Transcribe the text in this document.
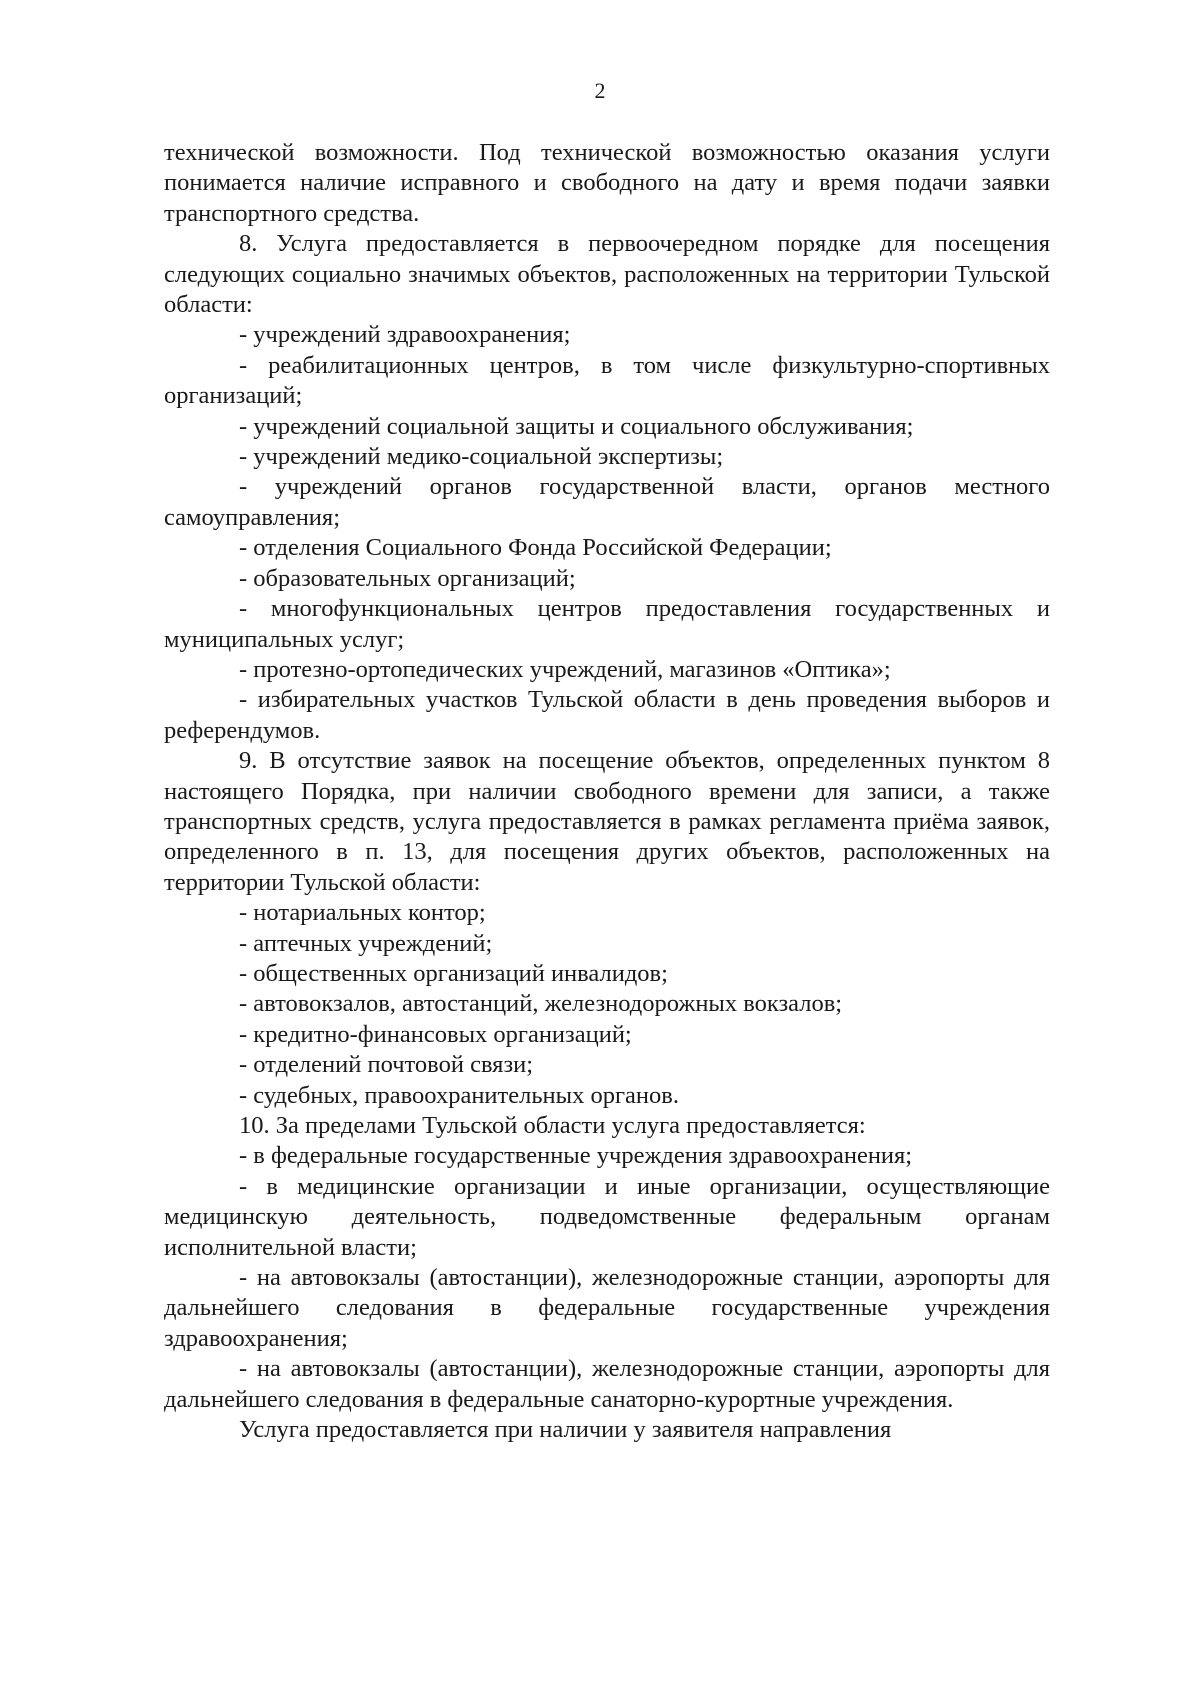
2

технической возможности. Под технической возможностью оказания услуги понимается наличие исправного и свободного на дату и время подачи заявки транспортного средства.

8. Услуга предоставляется в первоочередном порядке для посещения следующих социально значимых объектов, расположенных на территории Тульской области:

- учреждений здравоохранения;

- реабилитационных центров, в том числе физкультурно-спортивных организаций;

- учреждений социальной защиты и социального обслуживания;

- учреждений медико-социальной экспертизы;

- учреждений органов государственной власти, органов местного самоуправления;

- отделения Социального Фонда Российской Федерации;

- образовательных организаций;

- многофункциональных центров предоставления государственных и муниципальных услуг;

- протезно-ортопедических учреждений, магазинов «Оптика»;

- избирательных участков Тульской области в день проведения выборов и референдумов.

9. В отсутствие заявок на посещение объектов, определенных пунктом 8 настоящего Порядка, при наличии свободного времени для записи, а также транспортных средств, услуга предоставляется в рамках регламента приёма заявок, определенного в п. 13, для посещения других объектов, расположенных на территории Тульской области:

- нотариальных контор;

- аптечных учреждений;

- общественных организаций инвалидов;

- автовокзалов, автостанций, железнодорожных вокзалов;

- кредитно-финансовых организаций;

- отделений почтовой связи;

- судебных, правоохранительных органов.

10. За пределами Тульской области услуга предоставляется:

- в федеральные государственные учреждения здравоохранения;

- в медицинские организации и иные организации, осуществляющие медицинскую деятельность, подведомственные федеральным органам исполнительной власти;

- на автовокзалы (автостанции), железнодорожные станции, аэропорты для дальнейшего следования в федеральные государственные учреждения здравоохранения;

- на автовокзалы (автостанции), железнодорожные станции, аэропорты для дальнейшего следования в федеральные санаторно-курортные учреждения.

Услуга предоставляется при наличии у заявителя направления
